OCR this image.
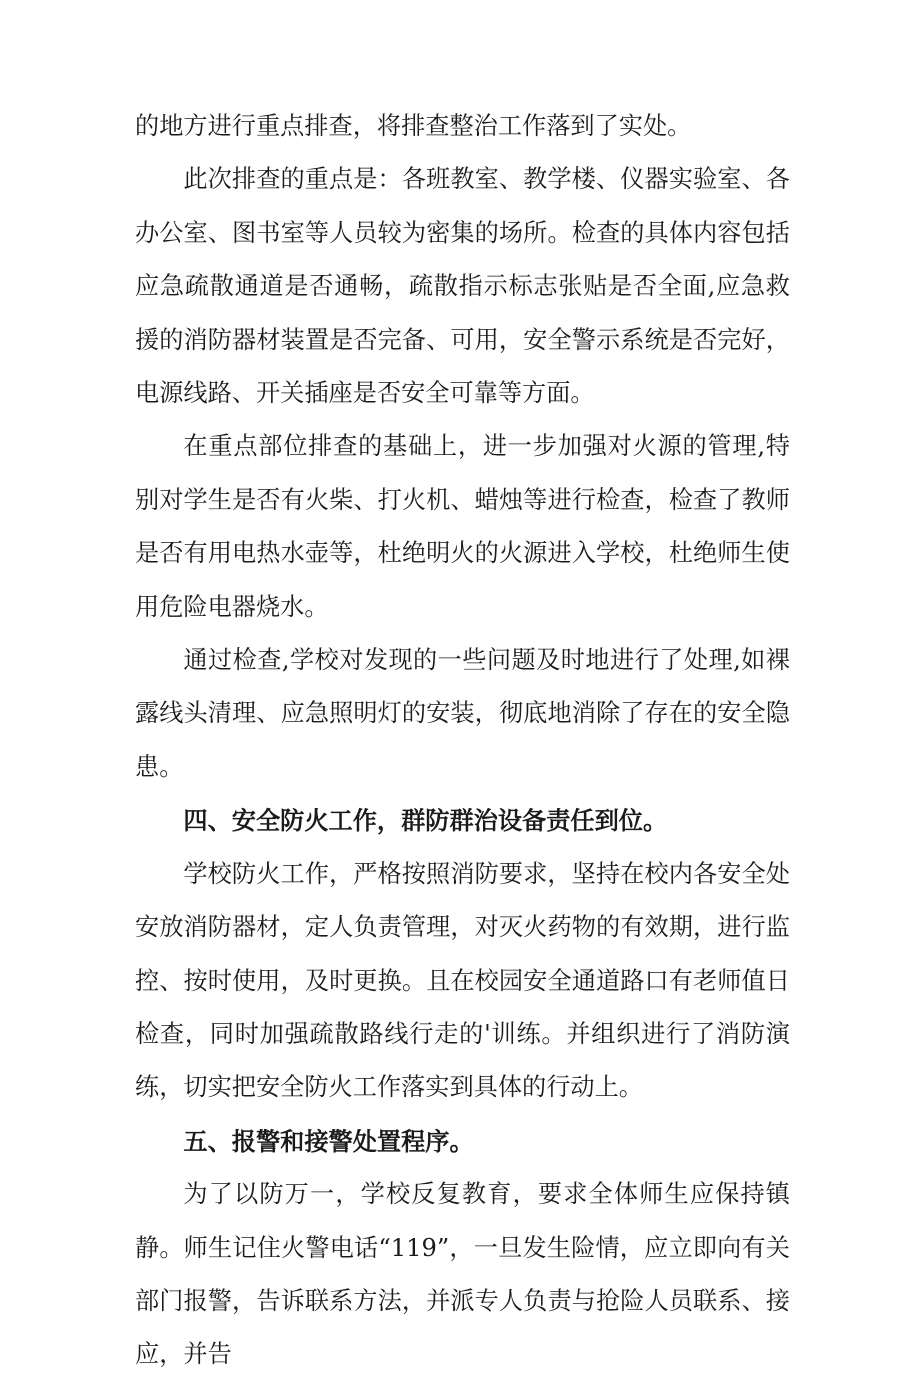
的地方进行重点排查，将排查整治工作落到了实处。

此次排查的重点是：各班教室、教学楼、仪器实验室、各办公室、图书室等人员较为密集的场所。检查的具体内容包括应急疏散通道是否通畅，疏散指示标志张贴是否全面,应急救援的消防器材装置是否完备、可用，安全警示系统是否完好，电源线路、开关插座是否安全可靠等方面。

在重点部位排查的基础上，进一步加强对火源的管理,特别对学生是否有火柴、打火机、蜡烛等进行检查，检查了教师是否有用电热水壶等，杜绝明火的火源进入学校，杜绝师生使用危险电器烧水。

通过检查,学校对发现的一些问题及时地进行了处理,如裸露线头清理、应急照明灯的安装，彻底地消除了存在的安全隐患。

四、安全防火工作，群防群治设备责任到位。

学校防火工作，严格按照消防要求，坚持在校内各安全处安放消防器材，定人负责管理，对灭火药物的有效期，进行监控、按时使用，及时更换。且在校园安全通道路口有老师值日检查，同时加强疏散路线行走的'训练。并组织进行了消防演练，切实把安全防火工作落实到具体的行动上。

五、报警和接警处置程序。

为了以防万一，学校反复教育，要求全体师生应保持镇静。师生记住火警电话“119”，一旦发生险情，应立即向有关部门报警，告诉联系方法，并派专人负责与抢险人员联系、接应，并告
